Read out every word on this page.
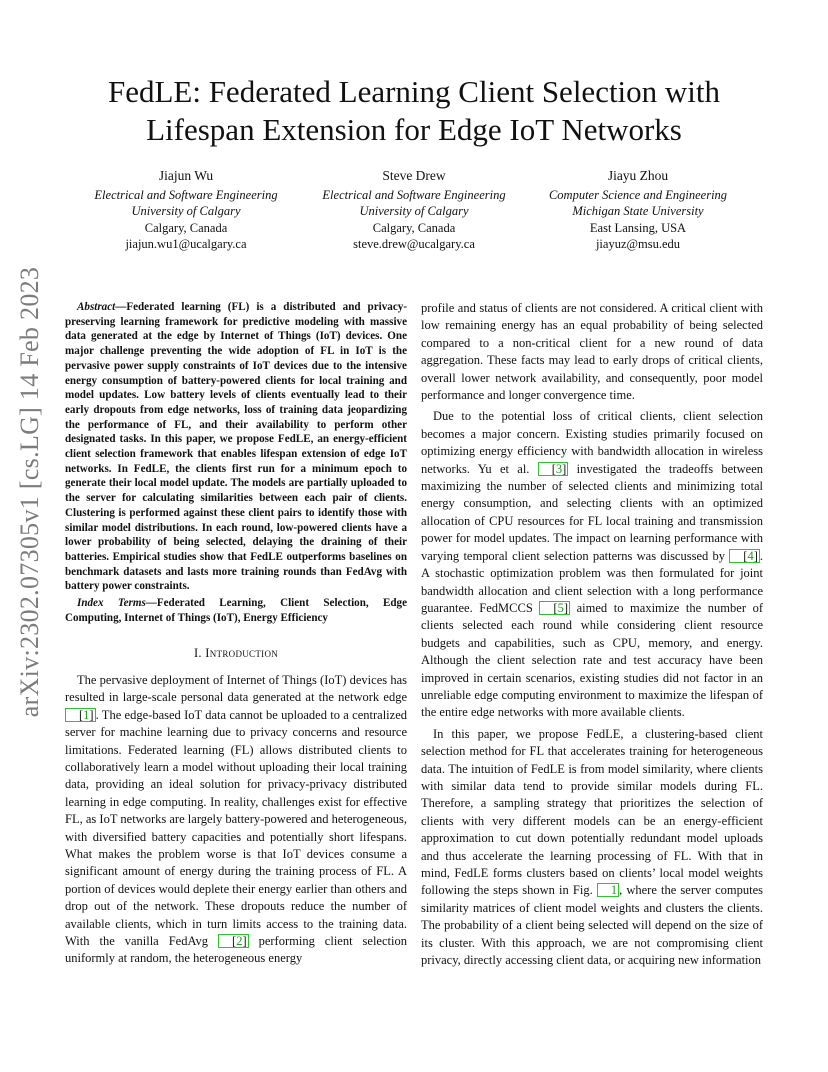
arXiv:2302.07305v1 [cs.LG] 14 Feb 2023
FedLE: Federated Learning Client Selection with
Lifespan Extension for Edge IoT Networks
Jiajun Wu
Electrical and Software Engineering
University of Calgary
Calgary, Canada
jiajun.wu1@ucalgary.ca
Steve Drew
Electrical and Software Engineering
University of Calgary
Calgary, Canada
steve.drew@ucalgary.ca
Jiayu Zhou
Computer Science and Engineering
Michigan State University
East Lansing, USA
jiayuz@msu.edu
Abstract—Federated learning (FL) is a distributed and privacy-preserving learning framework for predictive modeling with massive data generated at the edge by Internet of Things (IoT) devices. One major challenge preventing the wide adoption of FL in IoT is the pervasive power supply constraints of IoT devices due to the intensive energy consumption of battery-powered clients for local training and model updates. Low battery levels of clients eventually lead to their early dropouts from edge networks, loss of training data jeopardizing the performance of FL, and their availability to perform other designated tasks. In this paper, we propose FedLE, an energy-efficient client selection framework that enables lifespan extension of edge IoT networks. In FedLE, the clients first run for a minimum epoch to generate their local model update. The models are partially uploaded to the server for calculating similarities between each pair of clients. Clustering is performed against these client pairs to identify those with similar model distributions. In each round, low-powered clients have a lower probability of being selected, delaying the draining of their batteries. Empirical studies show that FedLE outperforms baselines on benchmark datasets and lasts more training rounds than FedAvg with battery power constraints.
Index Terms—Federated Learning, Client Selection, Edge Computing, Internet of Things (IoT), Energy Efficiency
I. Introduction

The pervasive deployment of Internet of Things (IoT) devices has resulted in large-scale personal data generated at the network edge [1] . The edge-based IoT data cannot be uploaded to a centralized server for machine learning due to privacy concerns and resource limitations. Federated learning (FL) allows distributed clients to collaboratively learn a model without uploading their local training data, providing an ideal solution for privacy-privacy distributed learning in edge computing. In reality, challenges exist for effective FL, as IoT networks are largely battery-powered and heterogeneous, with diversified battery capacities and potentially short lifespans. What makes the problem worse is that IoT devices consume a significant amount of energy during the training process of FL. A portion of devices would deplete their energy earlier than others and drop out of the network. These dropouts reduce the number of available clients, which in turn limits access to the training data. With the vanilla FedAvg [2] performing client selection uniformly at random, the heterogeneous energy

profile and status of clients are not considered. A critical client with low remaining energy has an equal probability of being selected compared to a non-critical client for a new round of data aggregation. These facts may lead to early drops of critical clients, overall lower network availability, and consequently, poor model performance and longer convergence time.

Due to the potential loss of critical clients, client selection becomes a major concern. Existing studies primarily focused on optimizing energy efficiency with bandwidth allocation in wireless networks. Yu et al. [3] investigated the tradeoffs between maximizing the number of selected clients and minimizing total energy consumption, and selecting clients with an optimized allocation of CPU resources for FL local training and transmission power for model updates. The impact on learning performance with varying temporal client selection patterns was discussed by [4] . A stochastic optimization problem was then formulated for joint bandwidth allocation and client selection with a long performance guarantee. FedMCCS [5] aimed to maximize the number of clients selected each round while considering client resource budgets and capabilities, such as CPU, memory, and energy. Although the client selection rate and test accuracy have been improved in certain scenarios, existing studies did not factor in an unreliable edge computing environment to maximize the lifespan of the entire edge networks with more available clients.

In this paper, we propose FedLE, a clustering-based client selection method for FL that accelerates training for heterogeneous data. The intuition of FedLE is from model similarity, where clients with similar data tend to provide similar models during FL. Therefore, a sampling strategy that prioritizes the selection of clients with very different models can be an energy-efficient approximation to cut down potentially redundant model uploads and thus accelerate the learning processing of FL. With that in mind, FedLE forms clusters based on clients’ local model weights following the steps shown in Fig. 1 , where the server computes similarity matrices of client model weights and clusters the clients. The probability of a client being selected will depend on the size of its cluster. With this approach, we are not compromising client privacy, directly accessing client data, or acquiring new information
